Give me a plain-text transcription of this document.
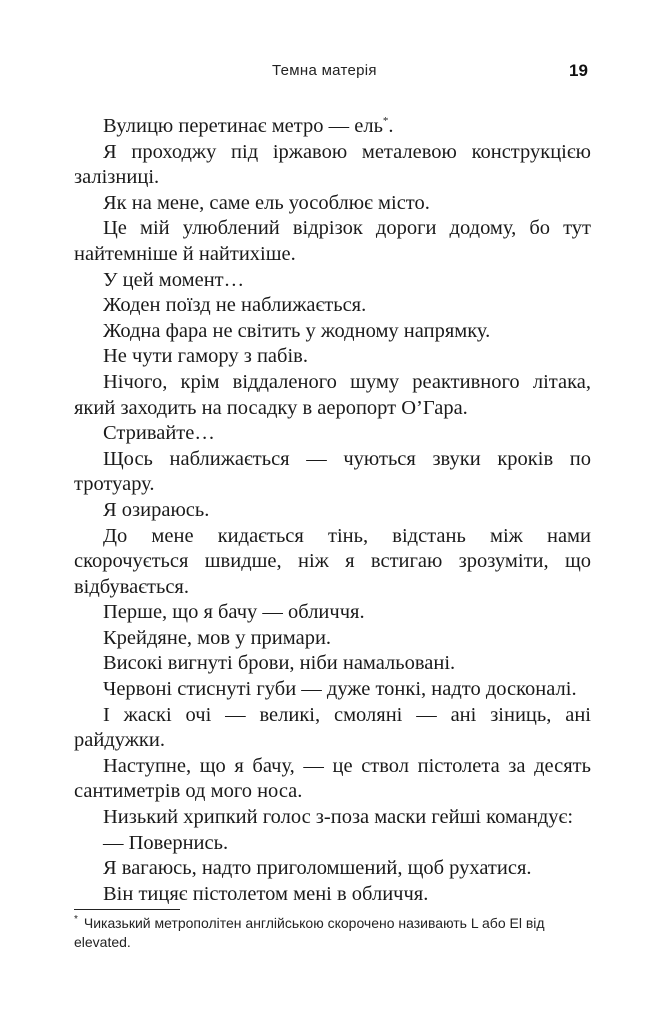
Темна матерія	19

Вулицю перетинає метро — ель*.

Я проходжу під іржавою металевою конструкцією залізниці.

Як на мене, саме ель уособлює місто.

Це мій улюблений відрізок дороги додому, бо тут найтемніше й найтихіше.

У цей момент…

Жоден поїзд не наближається.

Жодна фара не світить у жодному напрямку.

Не чути гамору з пабів.

Нічого, крім віддаленого шуму реактивного літака, який заходить на посадку в аеропорт О’Гара.

Стривайте…

Щось наближається — чуються звуки кроків по тротуару.

Я озираюсь.

До мене кидається тінь, відстань між нами скорочується швидше, ніж я встигаю зрозуміти, що відбувається.

Перше, що я бачу — обличчя.

Крейдяне, мов у примари.

Високі вигнуті брови, ніби намальовані.

Червоні стиснуті губи — дуже тонкі, надто досконалі.

І жаскі очі — великі, смоляні — ані зіниць, ані райдужки.

Наступне, що я бачу, — це ствол пістолета за десять сантиметрів од мого носа.

Низький хрипкий голос з-поза маски гейші командує:

— Повернись.

Я вагаюсь, надто приголомшений, щоб рухатися.

Він тицяє пістолетом мені в обличчя.

* Чиказький метрополітен англійською скорочено називають L або El від elevated.
